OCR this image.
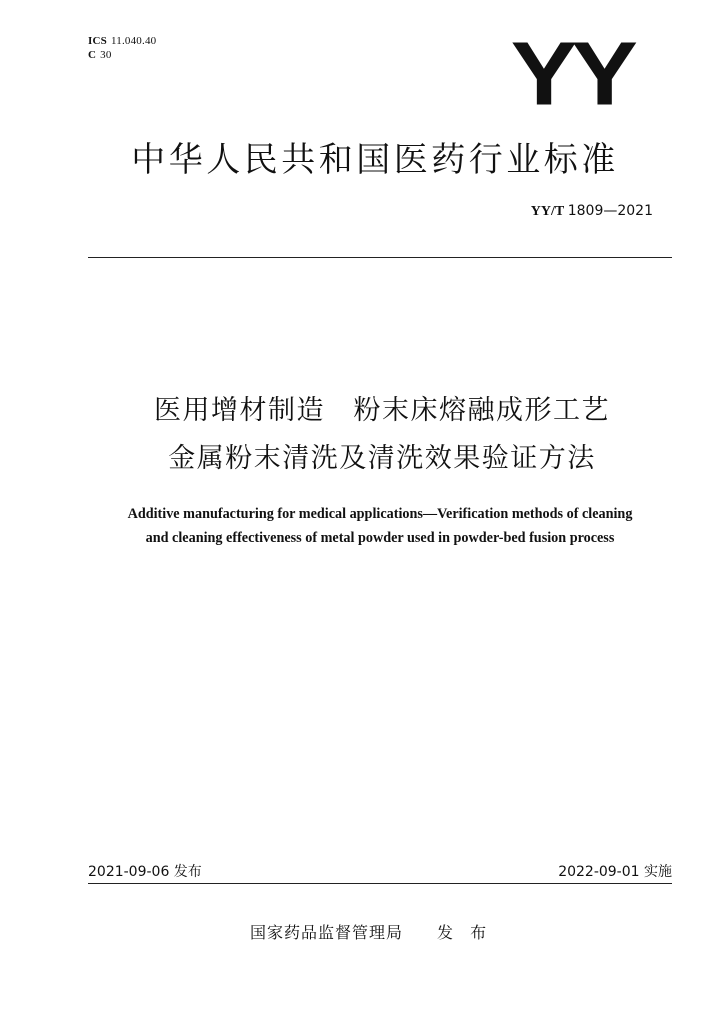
ICS 11.040.40
C 30	YY
中华人民共和国医药行业标准
YY/T 1809—2021
医用增材制造　粉末床熔融成形工艺
金属粉末清洗及清洗效果验证方法
Additive manufacturing for medical applications—Verification methods of cleaning
and cleaning effectiveness of metal powder used in powder-bed fusion process
2021-09-06 发布	2022-09-01 实施
国家药品监督管理局 发 布
